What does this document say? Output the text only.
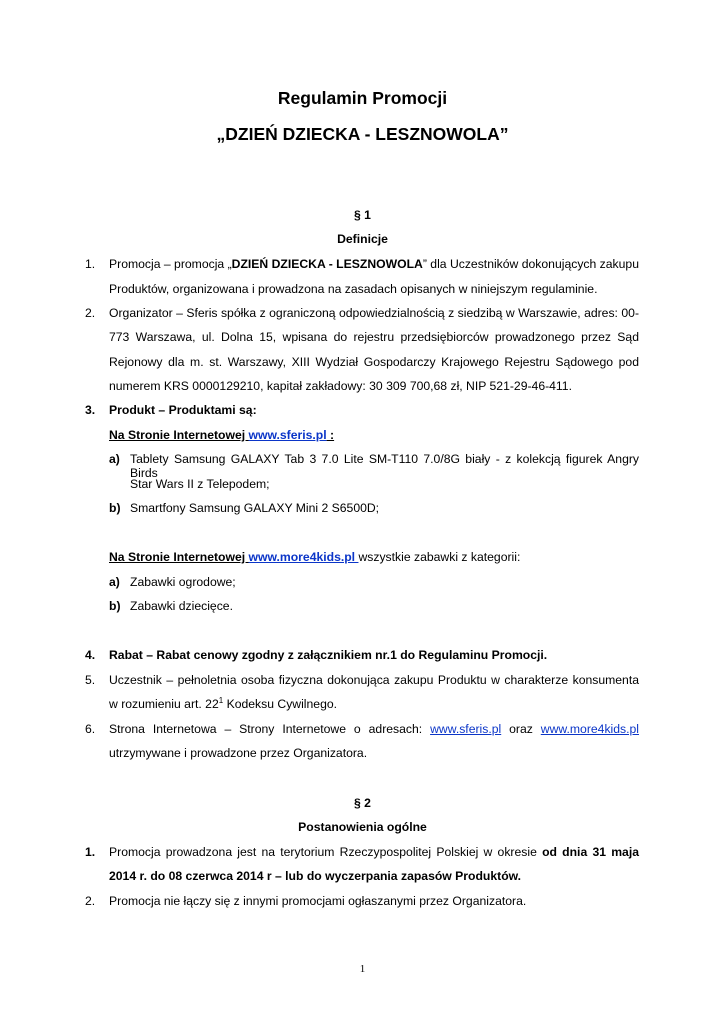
Regulamin Promocji
„DZIEŃ DZIECKA - LESZNOWOLA”
§ 1
Definicje
1.	Promocja – promocja „DZIEŃ DZIECKA - LESZNOWOLA” dla Uczestników dokonujących zakupu
Produktów, organizowana i prowadzona na zasadach opisanych w niniejszym regulaminie.
2.	Organizator – Sferis spółka z ograniczoną odpowiedzialnością z siedzibą w Warszawie, adres: 00-
773 Warszawa, ul. Dolna 15, wpisana do rejestru przedsiębiorców prowadzonego przez Sąd
Rejonowy dla m. st. Warszawy, XIII Wydział Gospodarczy Krajowego Rejestru Sądowego pod
numerem KRS 0000129210, kapitał zakładowy: 30 309 700,68 zł, NIP 521-29-46-411.
3.	Produkt – Produktami są:
Na Stronie Internetowej www.sferis.pl :
a) Tablety Samsung GALAXY Tab 3 7.0 Lite SM-T110 7.0/8G biały - z kolekcją figurek Angry Birds
Star Wars II z Telepodem;
b) Smartfony Samsung GALAXY Mini 2 S6500D;
Na Stronie Internetowej www.more4kids.pl wszystkie zabawki z kategorii:
a) Zabawki ogrodowe;
b) Zabawki dziecięce.
4.	Rabat – Rabat cenowy zgodny z załącznikiem nr.1 do Regulaminu Promocji.
5.	Uczestnik – pełnoletnia osoba fizyczna dokonująca zakupu Produktu w charakterze konsumenta
w rozumieniu art. $22^1$ Kodeksu Cywilnego.
6.	Strona Internetowa – Strony Internetowe o adresach: www.sferis.pl oraz www.more4kids.pl
utrzymywane i prowadzone przez Organizatora.
§ 2
Postanowienia ogólne
1.	Promocja prowadzona jest na terytorium Rzeczypospolitej Polskiej w okresie od dnia 31 maja
2014 r. do 08 czerwca 2014 r – lub do wyczerpania zapasów Produktów.
2.	Promocja nie łączy się z innymi promocjami ogłaszanymi przez Organizatora.
1
